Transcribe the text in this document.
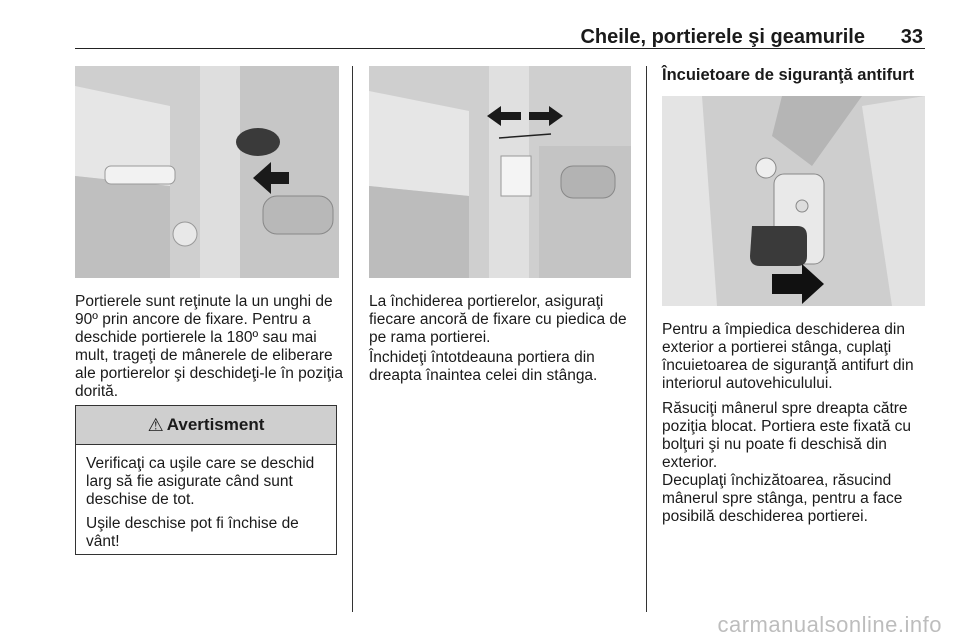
Cheile, portierele şi geamurile 33

Portierele sunt reţinute la un unghi de 90º prin ancore de fixare. Pentru a deschide portierele la 180º sau mai mult, trageţi de mânerele de eliberare ale portierelor şi deschideţi-le în poziţia dorită.

⚠ Avertisment

Verificaţi ca uşile care se deschid larg să fie asigurate când sunt deschise de tot.

Uşile deschise pot fi închise de vânt!

La închiderea portierelor, asiguraţi fiecare ancoră de fixare cu piedica de pe rama portierei.

Închideţi întotdeauna portiera din dreapta înaintea celei din stânga.

Încuietoare de siguranţă antifurt

Pentru a împiedica deschiderea din exterior a portierei stânga, cuplaţi încuietoarea de siguranţă antifurt din interiorul autovehiculului.

Răsuciţi mânerul spre dreapta către poziţia blocat. Portiera este fixată cu bolţuri şi nu poate fi deschisă din exterior.

Decuplaţi închizătoarea, răsucind mânerul spre stânga, pentru a face posibilă deschiderea portierei.

carmanualsonline.info
